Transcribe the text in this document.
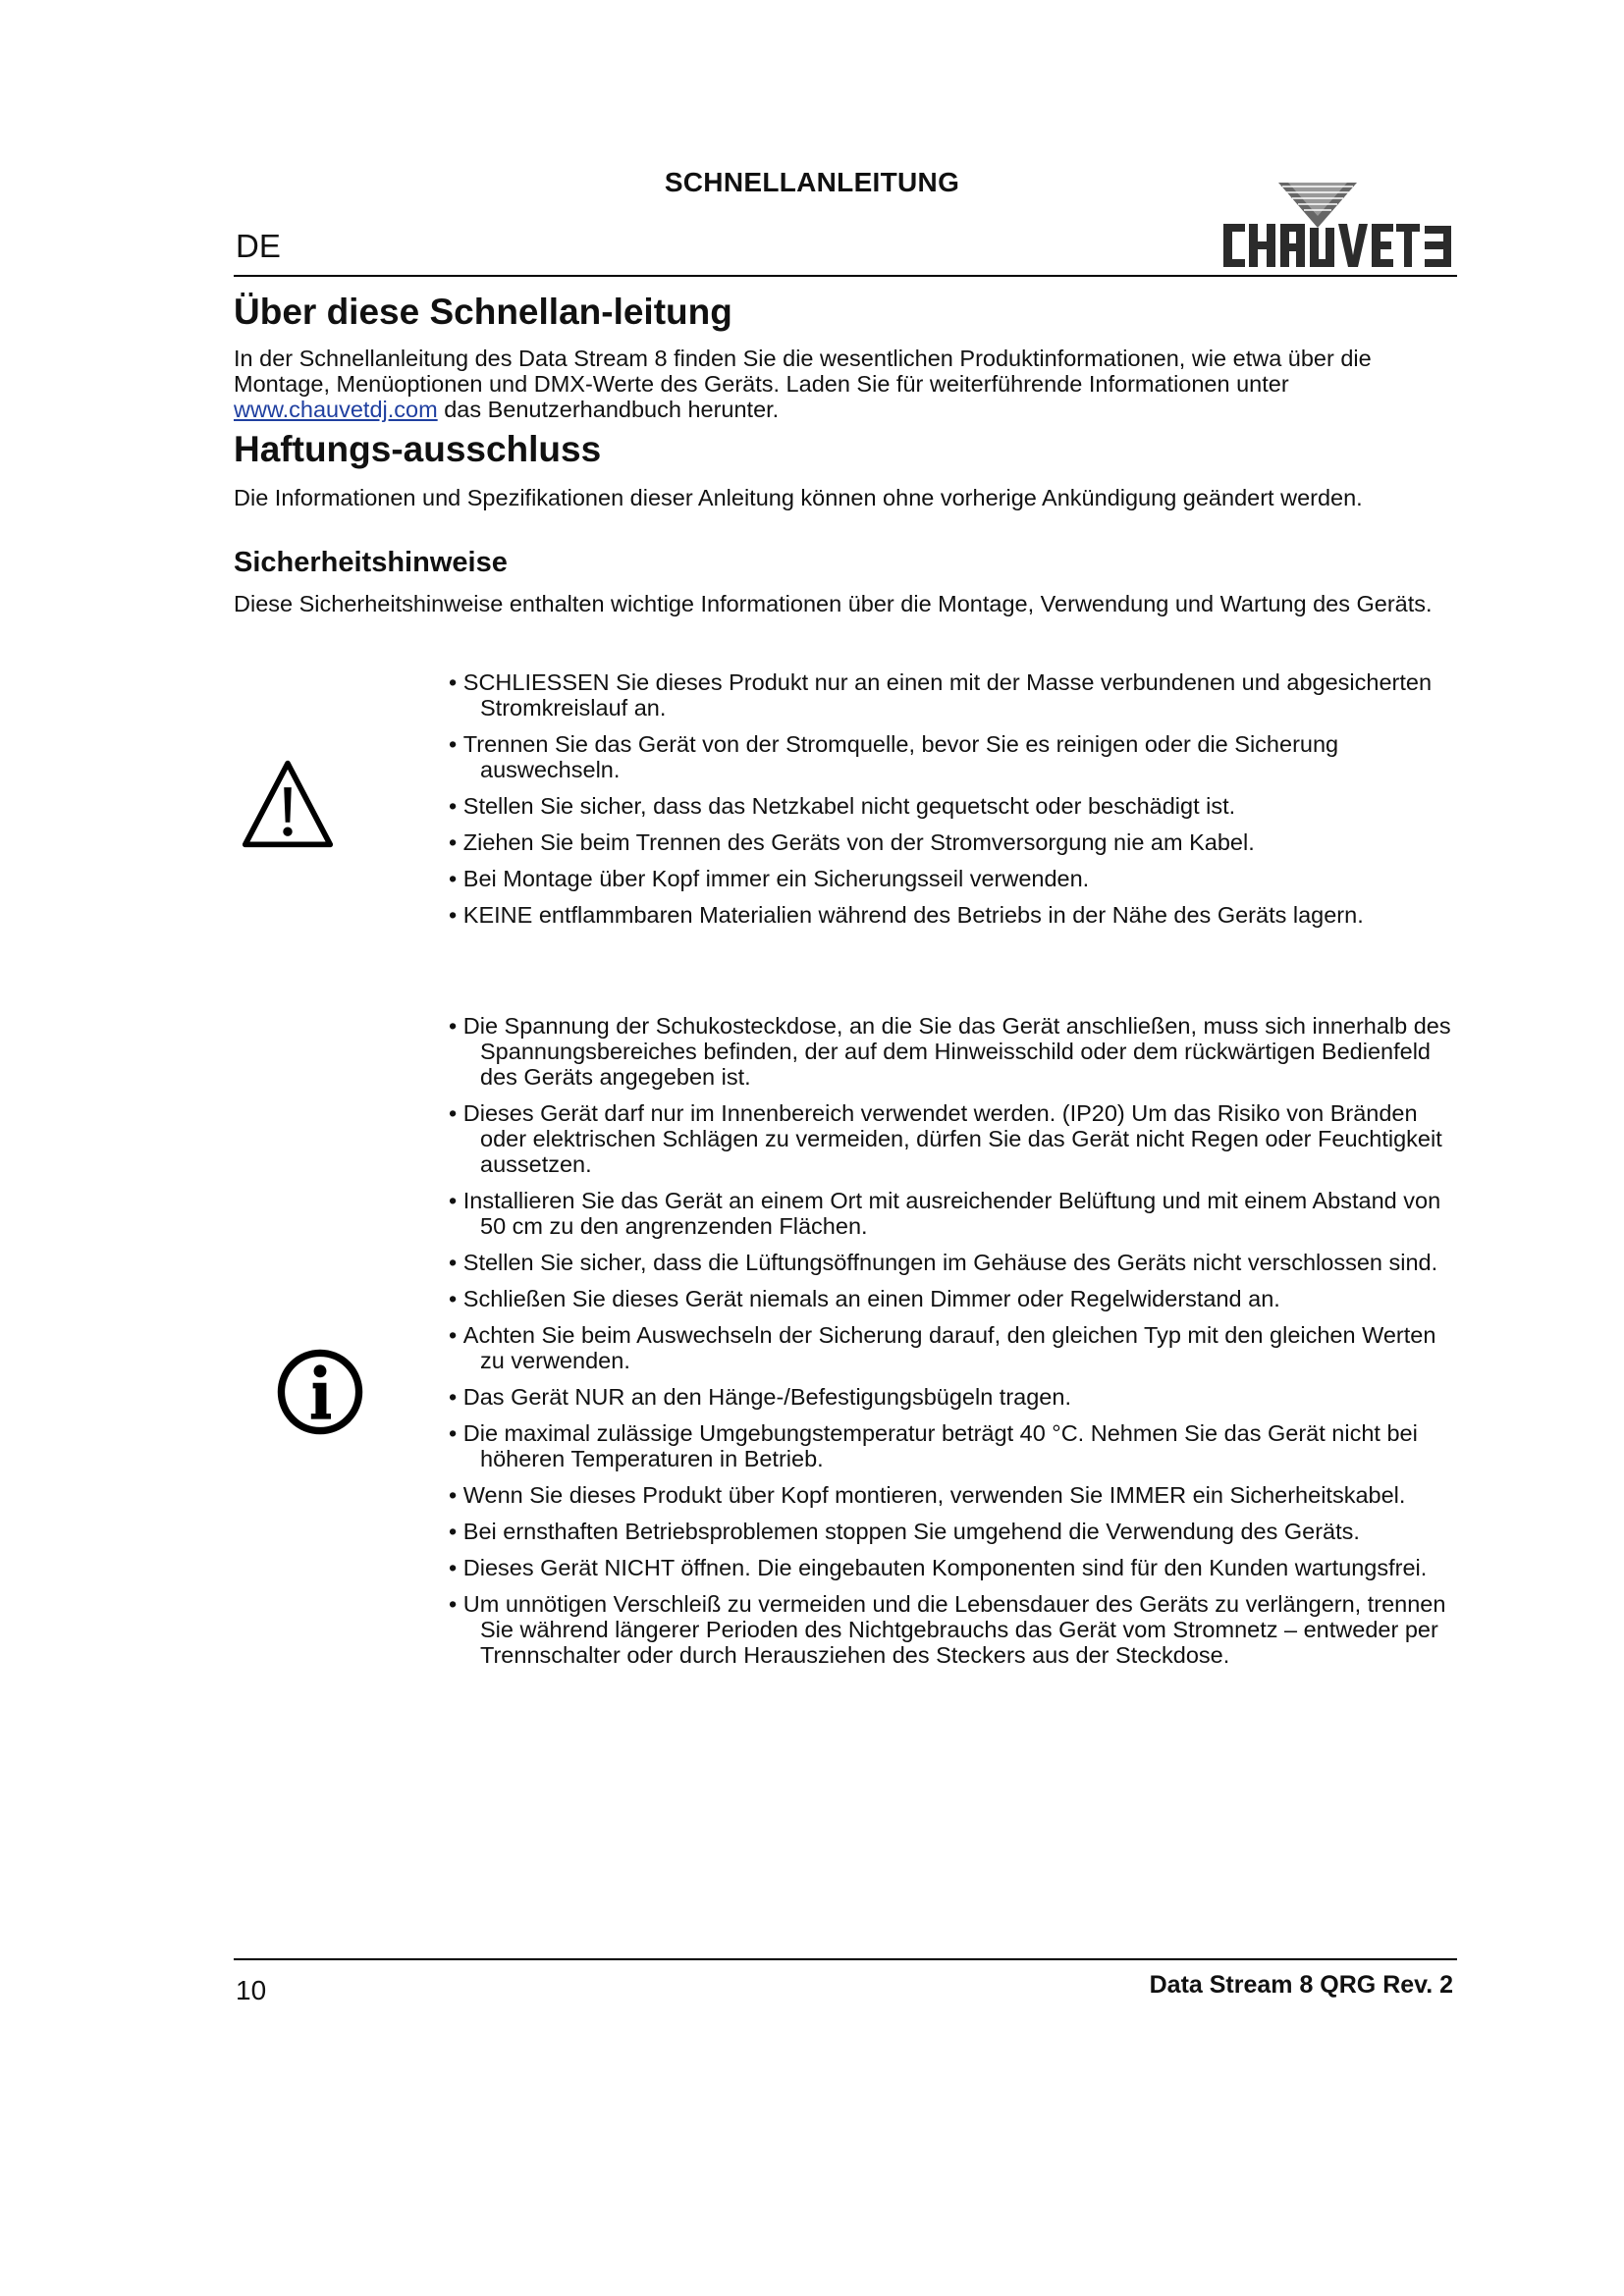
SCHNELLANLEITUNG
DE
Über diese Schnellan-leitung

In der Schnellanleitung des Data Stream 8 finden Sie die wesentlichen Produktinformationen, wie etwa über die Montage, Menüoptionen und DMX-Werte des Geräts. Laden Sie für weiterführende Informationen unter www.chauvetdj.com das Benutzerhandbuch herunter.

Haftungs-ausschluss

Die Informationen und Spezifikationen dieser Anleitung können ohne vorherige Ankündigung geändert werden.

Sicherheitshinweise

Diese Sicherheitshinweise enthalten wichtige Informationen über die Montage, Verwendung und Wartung des Geräts.

• SCHLIESSEN Sie dieses Produkt nur an einen mit der Masse verbundenen und abgesicherten Stromkreislauf an.
• Trennen Sie das Gerät von der Stromquelle, bevor Sie es reinigen oder die Sicherung auswechseln.
• Stellen Sie sicher, dass das Netzkabel nicht gequetscht oder beschädigt ist.
• Ziehen Sie beim Trennen des Geräts von der Stromversorgung nie am Kabel.
• Bei Montage über Kopf immer ein Sicherungsseil verwenden.
• KEINE entflammbaren Materialien während des Betriebs in der Nähe des Geräts lagern.
• Die Spannung der Schukosteckdose, an die Sie das Gerät anschließen, muss sich innerhalb des Spannungsbereiches befinden, der auf dem Hinweisschild oder dem rückwärtigen Bedienfeld des Geräts angegeben ist.
• Dieses Gerät darf nur im Innenbereich verwendet werden. (IP20) Um das Risiko von Bränden oder elektrischen Schlägen zu vermeiden, dürfen Sie das Gerät nicht Regen oder Feuchtigkeit aussetzen.
• Installieren Sie das Gerät an einem Ort mit ausreichender Belüftung und mit einem Abstand von 50 cm zu den angrenzenden Flächen.
• Stellen Sie sicher, dass die Lüftungsöffnungen im Gehäuse des Geräts nicht verschlossen sind.
• Schließen Sie dieses Gerät niemals an einen Dimmer oder Regelwiderstand an.
• Achten Sie beim Auswechseln der Sicherung darauf, den gleichen Typ mit den gleichen Werten zu verwenden.
• Das Gerät NUR an den Hänge-/Befestigungsbügeln tragen.
• Die maximal zulässige Umgebungstemperatur beträgt 40 °C. Nehmen Sie das Gerät nicht bei höheren Temperaturen in Betrieb.
• Wenn Sie dieses Produkt über Kopf montieren, verwenden Sie IMMER ein Sicherheitskabel.
• Bei ernsthaften Betriebsproblemen stoppen Sie umgehend die Verwendung des Geräts.
• Dieses Gerät NICHT öffnen. Die eingebauten Komponenten sind für den Kunden wartungsfrei.
• Um unnötigen Verschleiß zu vermeiden und die Lebensdauer des Geräts zu verlängern, trennen Sie während längerer Perioden des Nichtgebrauchs das Gerät vom Stromnetz – entweder per Trennschalter oder durch Herausziehen des Steckers aus der Steckdose.
10	Data Stream 8 QRG Rev. 2
